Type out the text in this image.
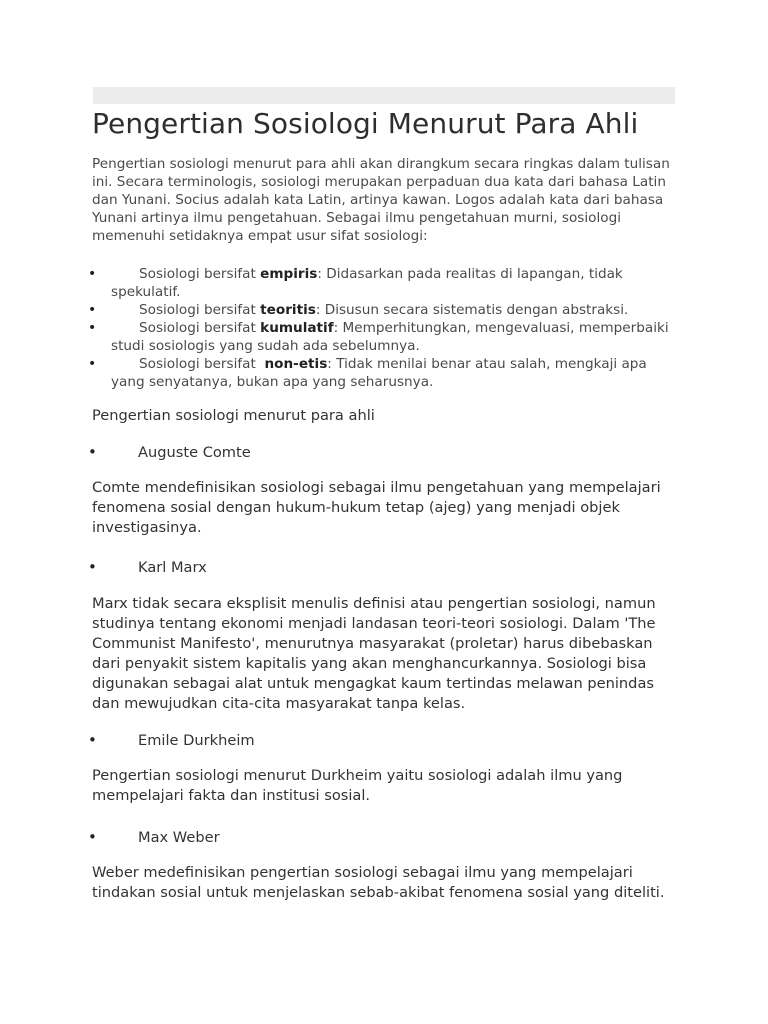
Pengertian Sosiologi Menurut Para Ahli
Pengertian sosiologi menurut para ahli akan dirangkum secara ringkas dalam tulisan
ini. Secara terminologis, sosiologi merupakan perpaduan dua kata dari bahasa Latin
dan Yunani. Socius adalah kata Latin, artinya kawan. Logos adalah kata dari bahasa
Yunani artinya ilmu pengetahuan. Sebagai ilmu pengetahuan murni, sosiologi
memenuhi setidaknya empat usur sifat sosiologi:
•	Sosiologi bersifat empiris: Didasarkan pada realitas di lapangan, tidak
spekulatif.
•	Sosiologi bersifat teoritis: Disusun secara sistematis dengan abstraksi.
•	Sosiologi bersifat kumulatif: Memperhitungkan, mengevaluasi, memperbaiki
studi sosiologis yang sudah ada sebelumnya.
•	Sosiologi bersifat  non-etis: Tidak menilai benar atau salah, mengkaji apa
yang senyatanya, bukan apa yang seharusnya.
Pengertian sosiologi menurut para ahli
•	Auguste Comte
Comte mendefinisikan sosiologi sebagai ilmu pengetahuan yang mempelajari
fenomena sosial dengan hukum-hukum tetap (ajeg) yang menjadi objek
investigasinya.
•	Karl Marx
Marx tidak secara eksplisit menulis definisi atau pengertian sosiologi, namun
studinya tentang ekonomi menjadi landasan teori-teori sosiologi. Dalam 'The
Communist Manifesto', menurutnya masyarakat (proletar) harus dibebaskan
dari penyakit sistem kapitalis yang akan menghancurkannya. Sosiologi bisa
digunakan sebagai alat untuk mengagkat kaum tertindas melawan penindas
dan mewujudkan cita-cita masyarakat tanpa kelas.
•	Emile Durkheim
Pengertian sosiologi menurut Durkheim yaitu sosiologi adalah ilmu yang
mempelajari fakta dan institusi sosial.
•	Max Weber
Weber medefinisikan pengertian sosiologi sebagai ilmu yang mempelajari
tindakan sosial untuk menjelaskan sebab-akibat fenomena sosial yang diteliti.
